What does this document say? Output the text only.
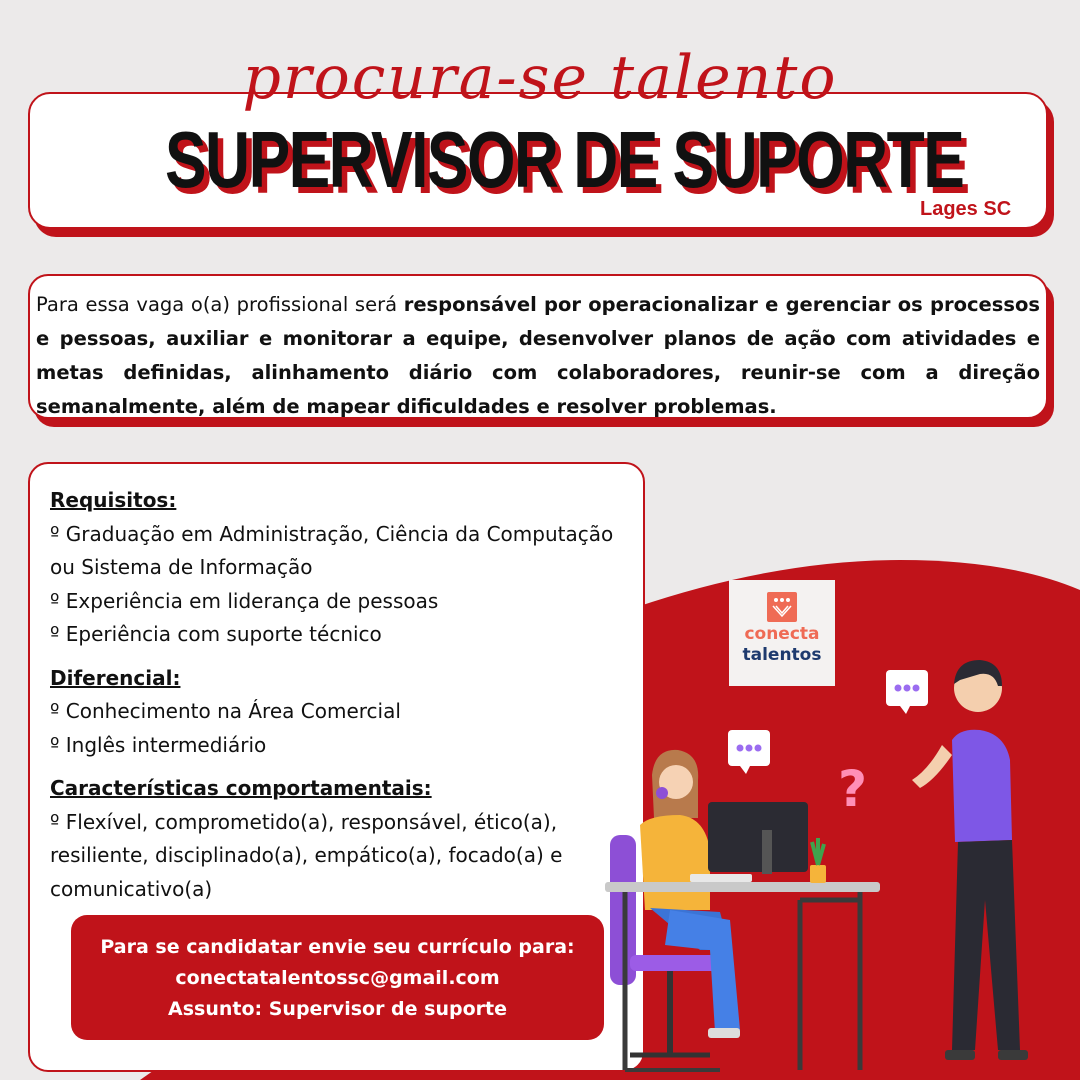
procura-se talento
SUPERVISOR DE SUPORTE
Lages SC

Para essa vaga o(a) profissional será responsável por operacionalizar e gerenciar os processos e pessoas, auxiliar e monitorar a equipe, desenvolver planos de ação com atividades e metas definidas, alinhamento diário com colaboradores, reunir-se com a direção semanalmente, além de mapear dificuldades e resolver problemas.

Requisitos:
º Graduação em Administração, Ciência da Computação ou Sistema de Informação
º Experiência em liderança de pessoas
º Eperiência com suporte técnico
Diferencial:
º Conhecimento na Área Comercial
º Inglês intermediário
Características comportamentais:
º Flexível, comprometido(a), responsável, ético(a), resiliente, disciplinado(a), empático(a), focado(a) e comunicativo(a)
Para se candidatar envie seu currículo para:
conectatalentossc@gmail.com
Assunto: Supervisor de suporte
conecta
talentos
?
